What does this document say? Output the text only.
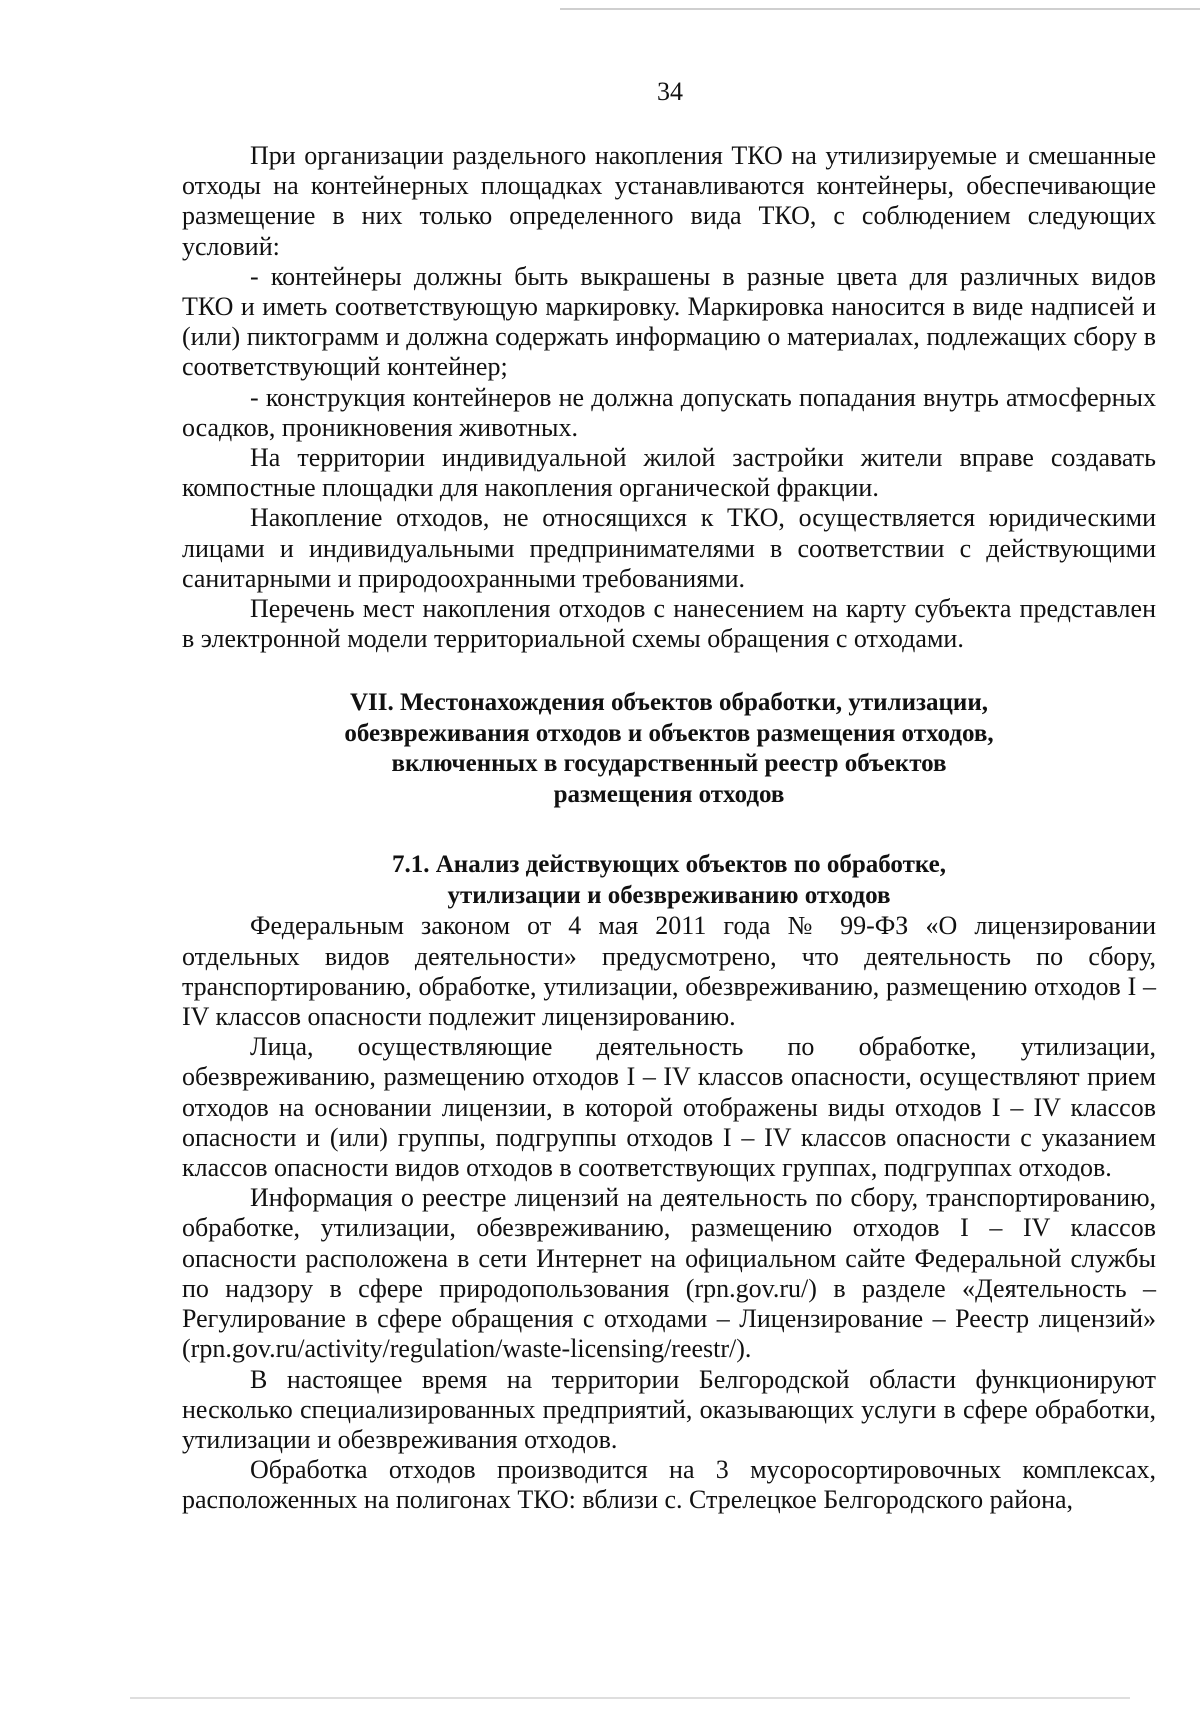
34

При организации раздельного накопления ТКО на утилизируемые и смешанные отходы на контейнерных площадках устанавливаются контейнеры, обеспечивающие размещение в них только определенного вида ТКО, с соблюдением следующих условий:

- контейнеры должны быть выкрашены в разные цвета для различных видов ТКО и иметь соответствующую маркировку. Маркировка наносится в виде надписей и (или) пиктограмм и должна содержать информацию о материалах, подлежащих сбору в соответствующий контейнер;

- конструкция контейнеров не должна допускать попадания внутрь атмосферных осадков, проникновения животных.

На территории индивидуальной жилой застройки жители вправе создавать компостные площадки для накопления органической фракции.

Накопление отходов, не относящихся к ТКО, осуществляется юридическими лицами и индивидуальными предпринимателями в соответствии с действующими санитарными и природоохранными требованиями.

Перечень мест накопления отходов с нанесением на карту субъекта представлен в электронной модели территориальной схемы обращения с отходами.

VII. Местонахождения объектов обработки, утилизации,
обезвреживания отходов и объектов размещения отходов,
включенных в государственный реестр объектов
размещения отходов
7.1. Анализ действующих объектов по обработке,
утилизации и обезвреживанию отходов

Федеральным законом от 4 мая 2011 года № 99-ФЗ «О лицензировании отдельных видов деятельности» предусмотрено, что деятельность по сбору, транспортированию, обработке, утилизации, обезвреживанию, размещению отходов I – IV классов опасности подлежит лицензированию.

Лица, осуществляющие деятельность по обработке, утилизации, обезвреживанию, размещению отходов I – IV классов опасности, осуществляют прием отходов на основании лицензии, в которой отображены виды отходов I – IV классов опасности и (или) группы, подгруппы отходов I – IV классов опасности с указанием классов опасности видов отходов в соответствующих группах, подгруппах отходов.

Информация о реестре лицензий на деятельность по сбору, транспортированию, обработке, утилизации, обезвреживанию, размещению отходов I – IV классов опасности расположена в сети Интернет на официальном сайте Федеральной службы по надзору в сфере природопользования (rpn.gov.ru/) в разделе «Деятельность – Регулирование в сфере обращения с отходами – Лицензирование – Реестр лицензий» (rpn.gov.ru/activity/regulation/waste-licensing/reestr/).

В настоящее время на территории Белгородской области функционируют несколько специализированных предприятий, оказывающих услуги в сфере обработки, утилизации и обезвреживания отходов.

Обработка отходов производится на 3 мусоросортировочных комплексах, расположенных на полигонах ТКО: вблизи с. Стрелецкое Белгородского района,
